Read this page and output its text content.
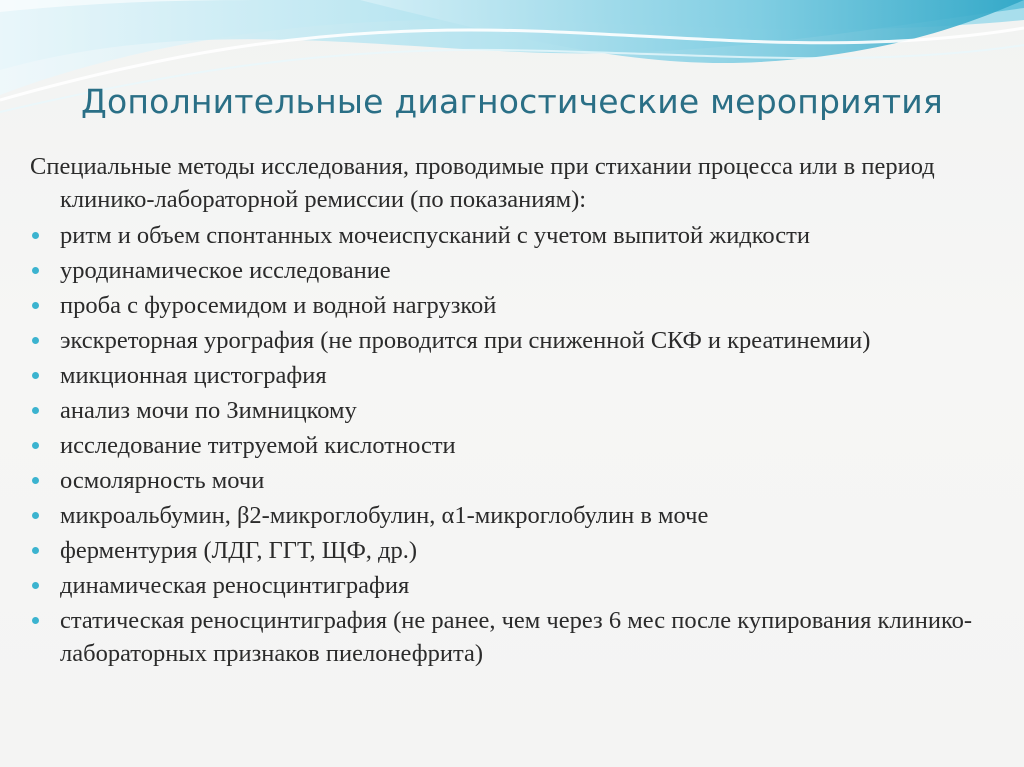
Дополнительные диагностические мероприятия

Специальные методы исследования, проводимые при стихании процесса или в период клинико-лабораторной ремиссии (по показаниям):

ритм и объем спонтанных мочеиспусканий с учетом выпитой жидкости
уродинамическое исследование
проба с фуросемидом и водной нагрузкой
экскреторная урография (не проводится при сниженной СКФ и креатинемии)
микционная цистография
анализ мочи по Зимницкому
исследование титруемой кислотности
осмолярность мочи
микроальбумин, β2-микроглобулин, α1-микроглобулин в моче
ферментурия (ЛДГ, ГГТ, ЩФ, др.)
динамическая реносцинтиграфия
статическая реносцинтиграфия (не ранее, чем через 6 мес после купирования клинико-лабораторных признаков пиелонефрита)
